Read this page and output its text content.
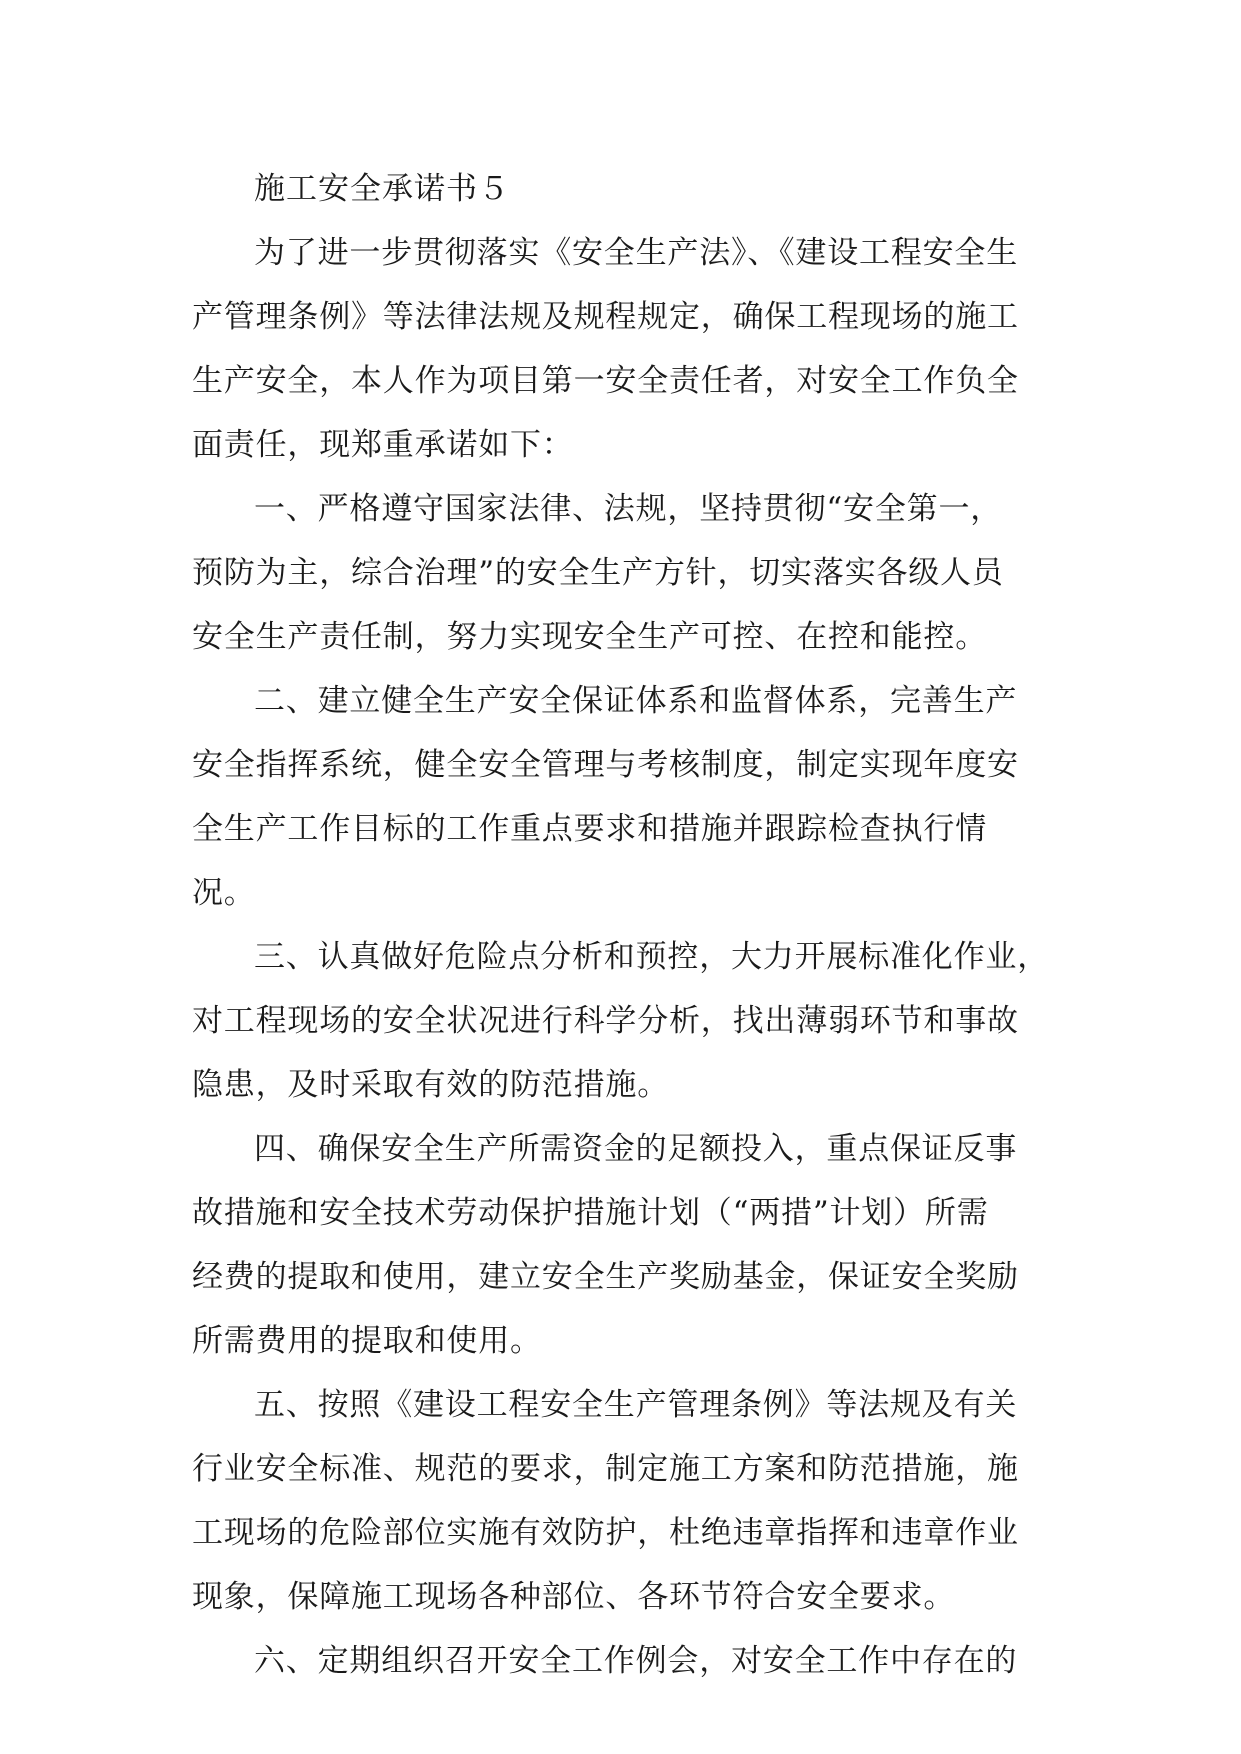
施工安全承诺书５
为了进一步贯彻落实《安全生产法》、《建设工程安全生
产管理条例》等法律法规及规程规定，确保工程现场的施工
生产安全，本人作为项目第一安全责任者，对安全工作负全
面责任，现郑重承诺如下：
一、严格遵守国家法律、法规，坚持贯彻“安全第一，
预防为主，综合治理”的安全生产方针，切实落实各级人员
安全生产责任制，努力实现安全生产可控、在控和能控。
二、建立健全生产安全保证体系和监督体系，完善生产
安全指挥系统，健全安全管理与考核制度，制定实现年度安
全生产工作目标的工作重点要求和措施并跟踪检查执行情
况。
三、认真做好危险点分析和预控，大力开展标准化作业，
对工程现场的安全状况进行科学分析，找出薄弱环节和事故
隐患，及时采取有效的防范措施。
四、确保安全生产所需资金的足额投入，重点保证反事
故措施和安全技术劳动保护措施计划（“两措”计划）所需
经费的提取和使用，建立安全生产奖励基金，保证安全奖励
所需费用的提取和使用。
五、按照《建设工程安全生产管理条例》等法规及有关
行业安全标准、规范的要求，制定施工方案和防范措施，施
工现场的危险部位实施有效防护，杜绝违章指挥和违章作业
现象，保障施工现场各种部位、各环节符合安全要求。
六、定期组织召开安全工作例会，对安全工作中存在的
